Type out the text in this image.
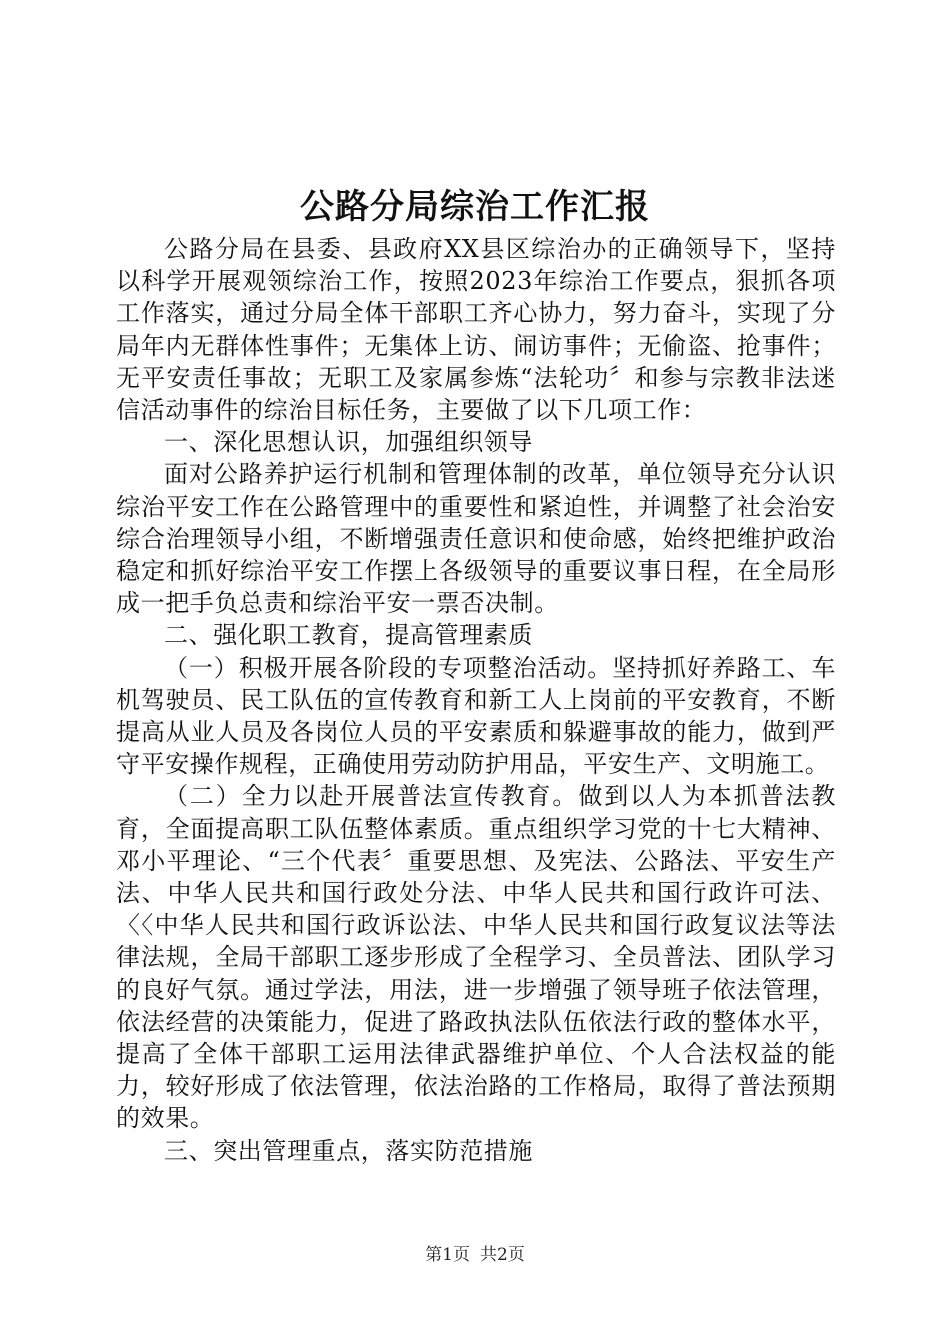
公路分局综治工作汇报

公路分局在县委、县政府XX县区综治办的正确领导下，坚持以科学开展观领综治工作，按照2023年综治工作要点，狠抓各项工作落实，通过分局全体干部职工齐心协力，努力奋斗，实现了分局年内无群体性事件；无集体上访、闹访事件；无偷盗、抢事件；无平安责任事故；无职工及家属参炼“法轮功〞和参与宗教非法迷信活动事件的综治目标任务，主要做了以下几项工作：

一、深化思想认识，加强组织领导

面对公路养护运行机制和管理体制的改革，单位领导充分认识综治平安工作在公路管理中的重要性和紧迫性，并调整了社会治安综合治理领导小组，不断增强责任意识和使命感，始终把维护政治稳定和抓好综治平安工作摆上各级领导的重要议事日程，在全局形成一把手负总责和综治平安一票否决制。

二、强化职工教育，提高管理素质

（一）积极开展各阶段的专项整治活动。坚持抓好养路工、车机驾驶员、民工队伍的宣传教育和新工人上岗前的平安教育，不断提高从业人员及各岗位人员的平安素质和躲避事故的能力，做到严守平安操作规程，正确使用劳动防护用品，平安生产、文明施工。

（二）全力以赴开展普法宣传教育。做到以人为本抓普法教育，全面提高职工队伍整体素质。重点组织学习党的十七大精神、邓小平理论、“三个代表〞重要思想、及宪法、公路法、平安生产法、中华人民共和国行政处分法、中华人民共和国行政许可法、〈〈中华人民共和国行政诉讼法、中华人民共和国行政复议法等法律法规，全局干部职工逐步形成了全程学习、全员普法、团队学习的良好气氛。通过学法，用法，进一步增强了领导班子依法管理，依法经营的决策能力，促进了路政执法队伍依法行政的整体水平，提高了全体干部职工运用法律武器维护单位、个人合法权益的能力，较好形成了依法管理，依法治路的工作格局，取得了普法预期的效果。

三、突出管理重点，落实防范措施

第1页 共2页
